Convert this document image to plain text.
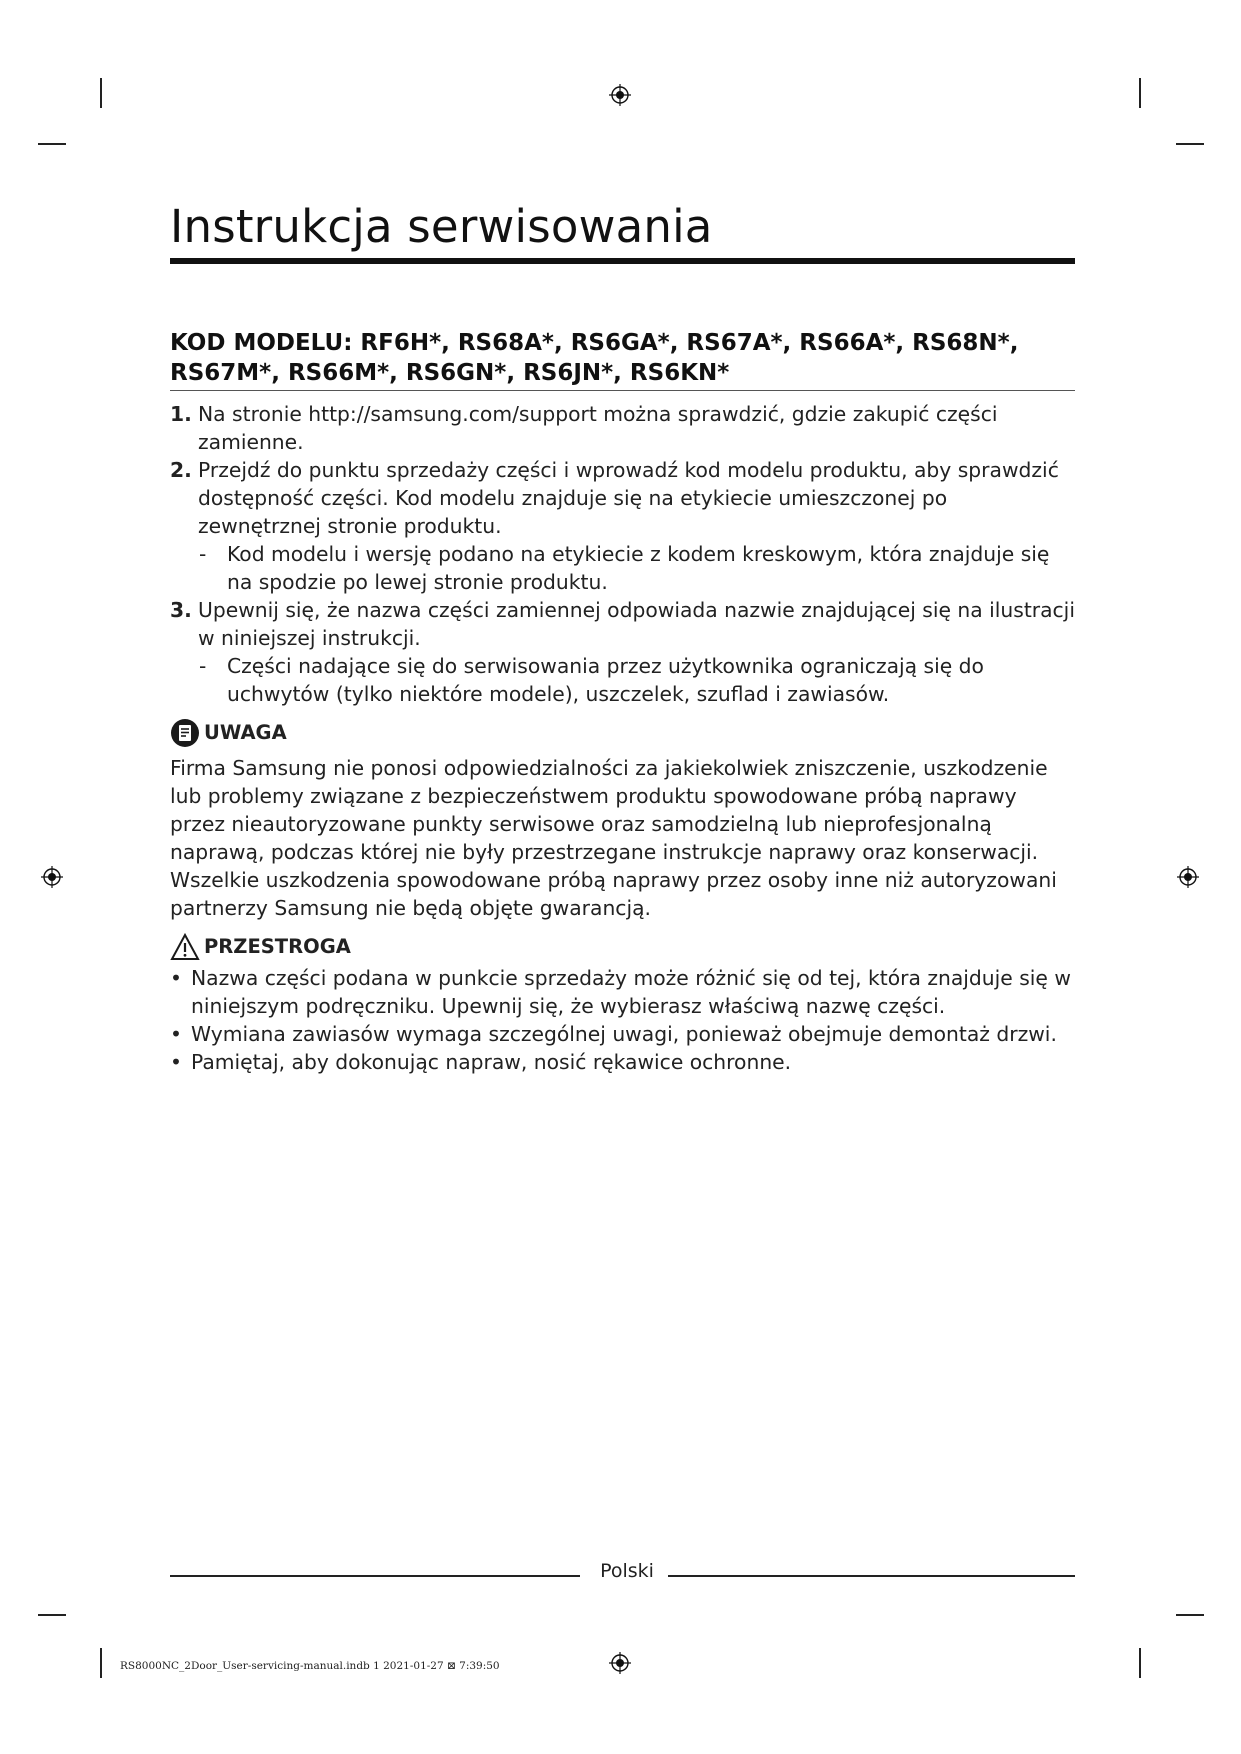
Instrukcja serwisowania
KOD MODELU: RF6H*, RS68A*, RS6GA*, RS67A*, RS66A*, RS68N*, RS67M*, RS66M*, RS6GN*, RS6JN*, RS6KN*

1. Na stronie http://samsung.com/support można sprawdzić, gdzie zakupić części zamienne.

2. Przejdź do punktu sprzedaży części i wprowadź kod modelu produktu, aby sprawdzić dostępność części. Kod modelu znajduje się na etykiecie umieszczonej po zewnętrznej stronie produktu.

- Kod modelu i wersję podano na etykiecie z kodem kreskowym, która znajduje się na spodzie po lewej stronie produktu.

3. Upewnij się, że nazwa części zamiennej odpowiada nazwie znajdującej się na ilustracji w niniejszej instrukcji.

- Części nadające się do serwisowania przez użytkownika ograniczają się do uchwytów (tylko niektóre modele), uszczelek, szuflad i zawiasów.

UWAGA

Firma Samsung nie ponosi odpowiedzialności za jakiekolwiek zniszczenie, uszkodzenie lub problemy związane z bezpieczeństwem produktu spowodowane próbą naprawy przez nieautoryzowane punkty serwisowe oraz samodzielną lub nieprofesjonalną naprawą, podczas której nie były przestrzegane instrukcje naprawy oraz konserwacji. Wszelkie uszkodzenia spowodowane próbą naprawy przez osoby inne niż autoryzowani partnerzy Samsung nie będą objęte gwarancją.

PRZESTROGA

• Nazwa części podana w punkcie sprzedaży może różnić się od tej, która znajduje się w niniejszym podręczniku. Upewnij się, że wybierasz właściwą nazwę części.

• Wymiana zawiasów wymaga szczególnej uwagi, ponieważ obejmuje demontaż drzwi.

• Pamiętaj, aby dokonując napraw, nosić rękawice ochronne.

Polski
RS8000NC_2Door_User-servicing-manual.indb 1 2021-01-27 ⊠ 7:39:50
